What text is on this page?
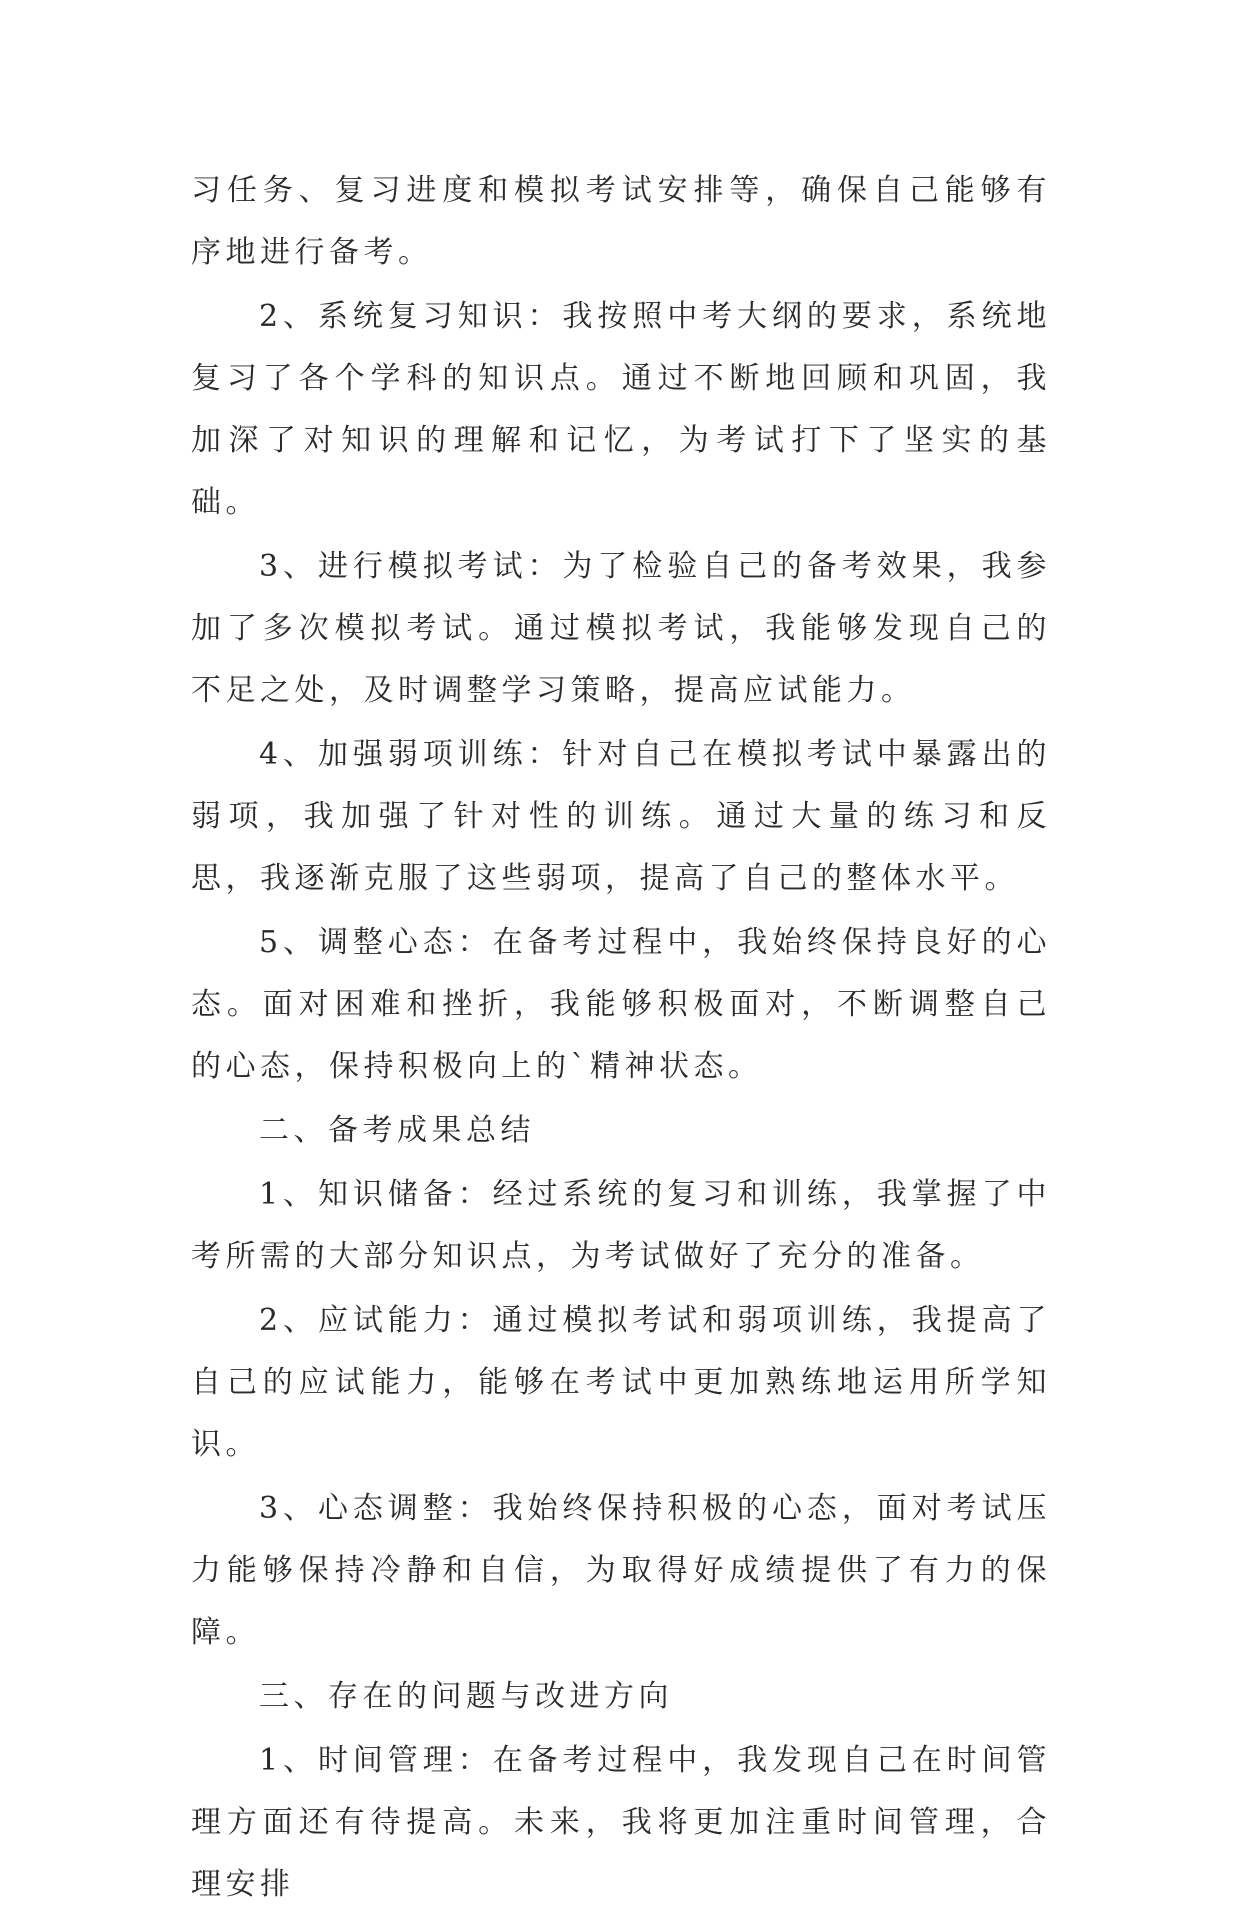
习任务、复习进度和模拟考试安排等，确保自己能够有序地进行备考。

2、系统复习知识：我按照中考大纲的要求，系统地复习了各个学科的知识点。通过不断地回顾和巩固，我加深了对知识的理解和记忆，为考试打下了坚实的基础。

3、进行模拟考试：为了检验自己的备考效果，我参加了多次模拟考试。通过模拟考试，我能够发现自己的不足之处，及时调整学习策略，提高应试能力。

4、加强弱项训练：针对自己在模拟考试中暴露出的弱项，我加强了针对性的训练。通过大量的练习和反思，我逐渐克服了这些弱项，提高了自己的整体水平。

5、调整心态：在备考过程中，我始终保持良好的心态。面对困难和挫折，我能够积极面对，不断调整自己的心态，保持积极向上的`精神状态。

二、备考成果总结

1、知识储备：经过系统的复习和训练，我掌握了中考所需的大部分知识点，为考试做好了充分的准备。

2、应试能力：通过模拟考试和弱项训练，我提高了自己的应试能力，能够在考试中更加熟练地运用所学知识。

3、心态调整：我始终保持积极的心态，面对考试压力能够保持冷静和自信，为取得好成绩提供了有力的保障。

三、存在的问题与改进方向

1、时间管理：在备考过程中，我发现自己在时间管理方面还有待提高。未来，我将更加注重时间管理，合理安排
